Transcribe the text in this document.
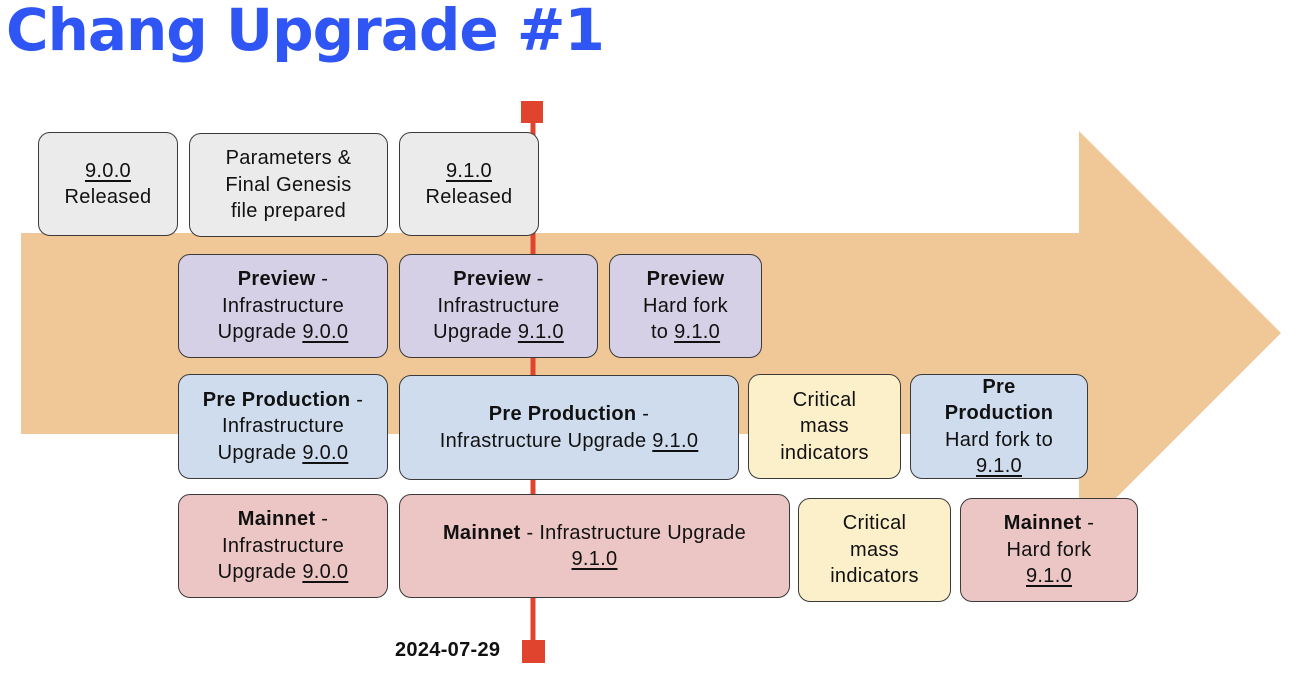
Chang Upgrade #1
9.0.0
Released
Parameters &
Final Genesis
file prepared
9.1.0
Released
Preview -
Infrastructure
Upgrade 9.0.0
Preview -
Infrastructure
Upgrade 9.1.0
Preview
Hard fork
to 9.1.0
Pre Production -
Infrastructure
Upgrade 9.0.0
Pre Production -
Infrastructure Upgrade 9.1.0
Critical
mass
indicators
Pre
Production
Hard fork to
9.1.0
Mainnet -
Infrastructure
Upgrade 9.0.0
Mainnet - Infrastructure Upgrade
9.1.0
Critical
mass
indicators
Mainnet -
Hard fork
9.1.0
2024-07-29
